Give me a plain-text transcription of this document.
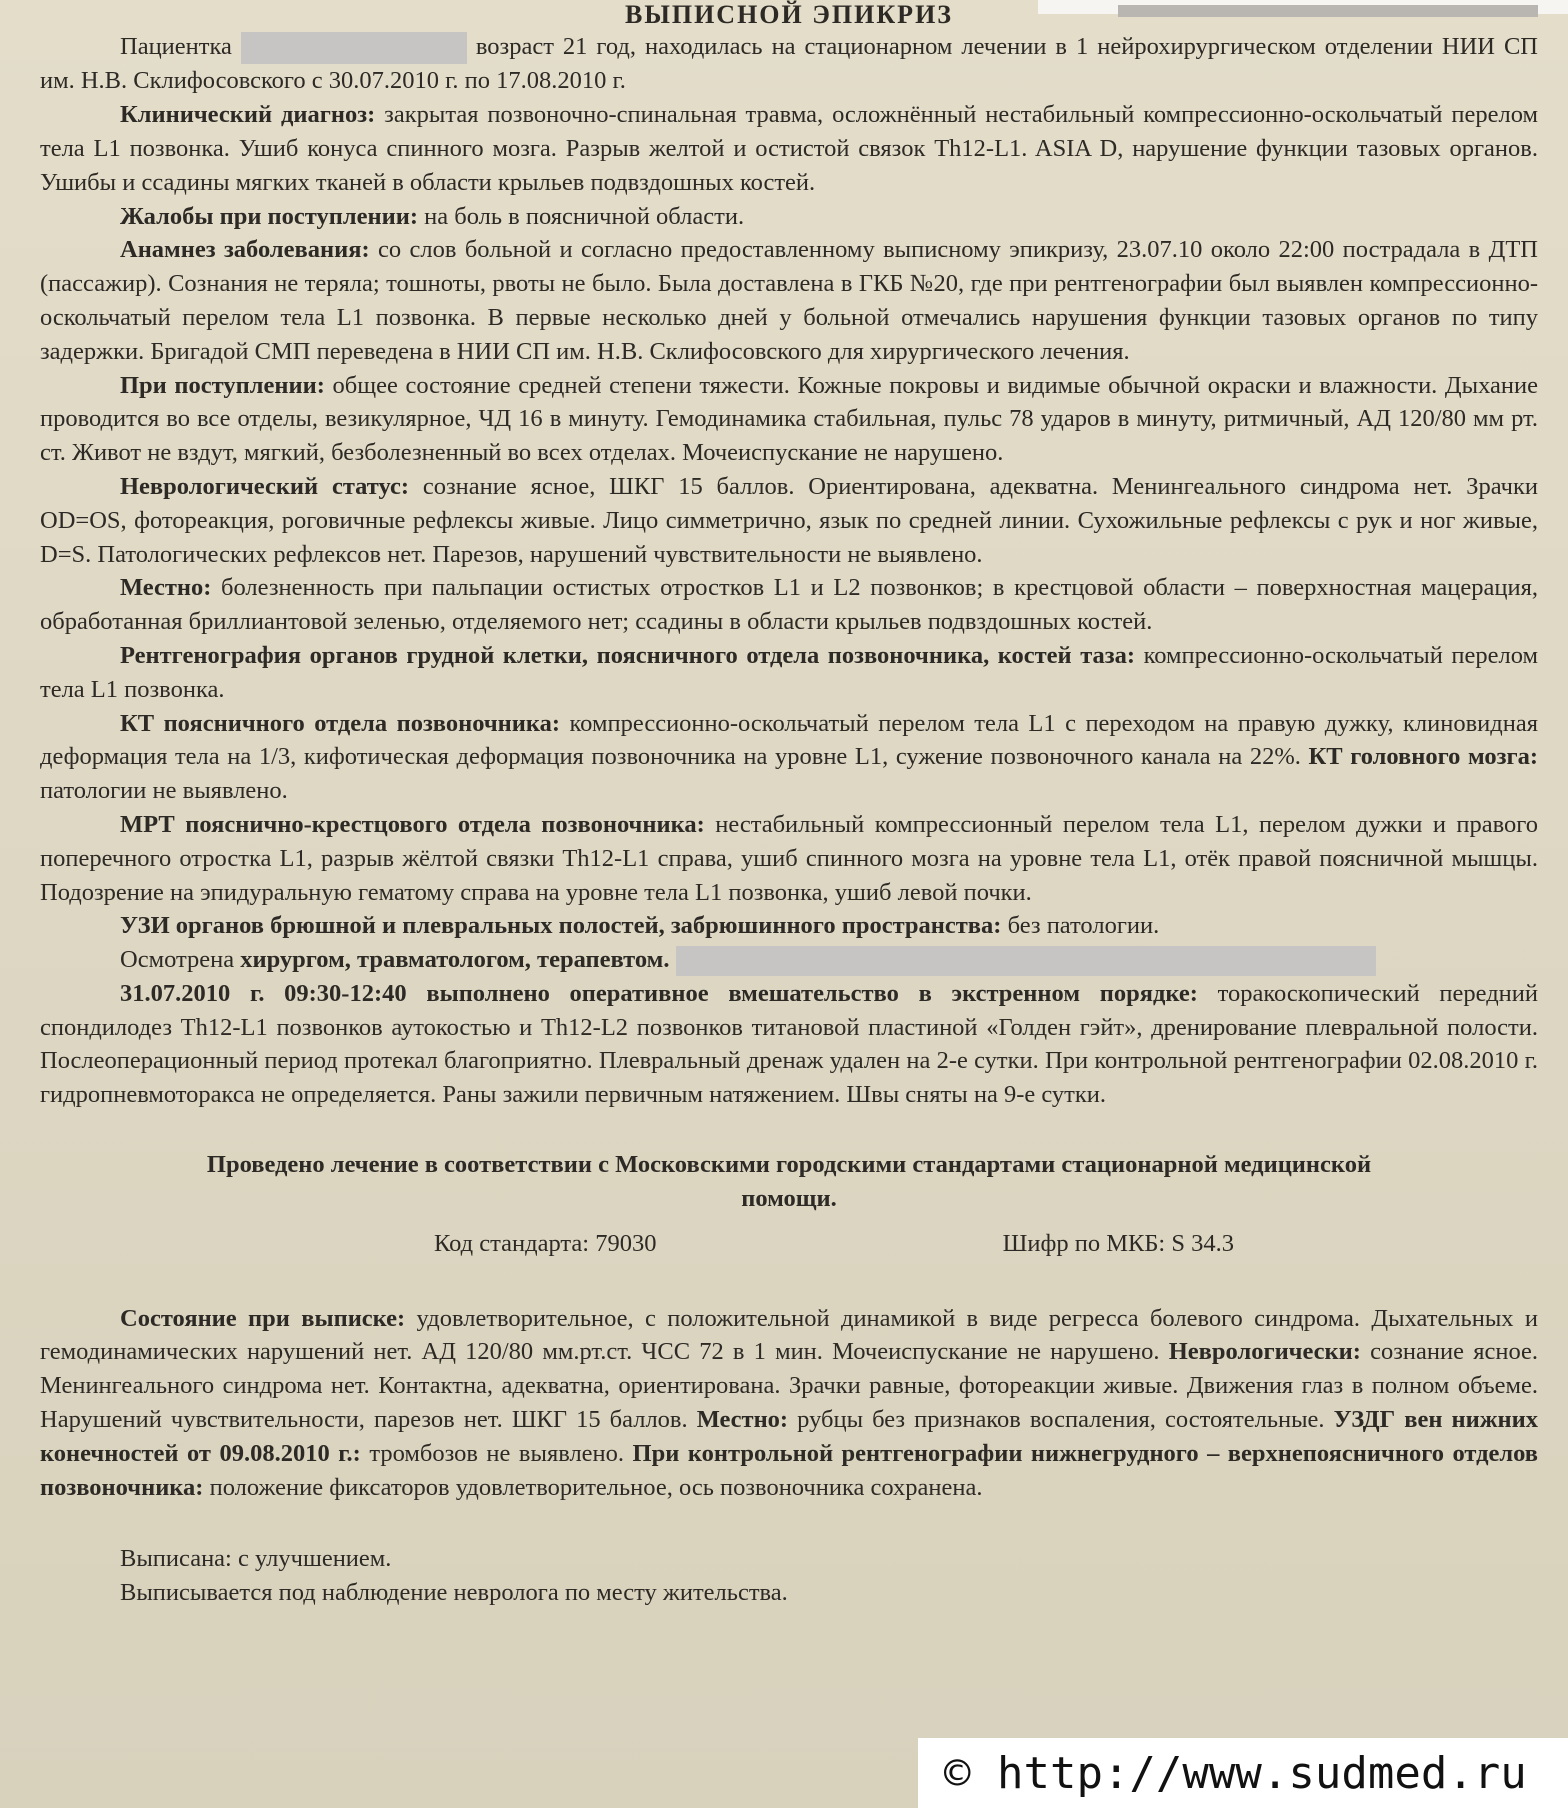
ВЫПИСНОЙ ЭПИКРИЗ

Пациентка	возраст 21 год, находилась на стационарном лечении в 1 нейрохирургическом отделении НИИ СП им. Н.В. Склифосовского с 30.07.2010 г. по 17.08.2010 г.

Клинический диагноз: закрытая позвоночно-спинальная травма, осложнённый нестабильный компрессионно-оскольчатый перелом тела L1 позвонка. Ушиб конуса спинного мозга. Разрыв желтой и остистой связок Th12-L1. ASIA D, нарушение функции тазовых органов. Ушибы и ссадины мягких тканей в области крыльев подвздошных костей.

Жалобы при поступлении: на боль в поясничной области.

Анамнез заболевания: со слов больной и согласно предоставленному выписному эпикризу, 23.07.10 около 22:00 пострадала в ДТП (пассажир). Сознания не теряла; тошноты, рвоты не было. Была доставлена в ГКБ №20, где при рентгенографии был выявлен компрессионно-оскольчатый перелом тела L1 позвонка. В первые несколько дней у больной отмечались нарушения функции тазовых органов по типу задержки. Бригадой СМП переведена в НИИ СП им. Н.В. Склифосовского для хирургического лечения.

При поступлении: общее состояние средней степени тяжести. Кожные покровы и видимые обычной окраски и влажности. Дыхание проводится во все отделы, везикулярное, ЧД 16 в минуту. Гемодинамика стабильная, пульс 78 ударов в минуту, ритмичный, АД 120/80 мм рт. ст. Живот не вздут, мягкий, безболезненный во всех отделах. Мочеиспускание не нарушено.

Неврологический статус: сознание ясное, ШКГ 15 баллов. Ориентирована, адекватна. Менингеального синдрома нет. Зрачки OD=OS, фотореакция, роговичные рефлексы живые. Лицо симметрично, язык по средней линии. Сухожильные рефлексы с рук и ног живые, D=S. Патологических рефлексов нет. Парезов, нарушений чувствительности не выявлено.

Местно: болезненность при пальпации остистых отростков L1 и L2 позвонков; в крестцовой области – поверхностная мацерация, обработанная бриллиантовой зеленью, отделяемого нет; ссадины в области крыльев подвздошных костей.

Рентгенография органов грудной клетки, поясничного отдела позвоночника, костей таза: компрессионно-оскольчатый перелом тела L1 позвонка.

КТ поясничного отдела позвоночника: компрессионно-оскольчатый перелом тела L1 с переходом на правую дужку, клиновидная деформация тела на 1/3, кифотическая деформация позвоночника на уровне L1, сужение позвоночного канала на 22%. КТ головного мозга: патологии не выявлено.

МРТ пояснично-крестцового отдела позвоночника: нестабильный компрессионный перелом тела L1, перелом дужки и правого поперечного отростка L1, разрыв жёлтой связки Th12-L1 справа, ушиб спинного мозга на уровне тела L1, отёк правой поясничной мышцы. Подозрение на эпидуральную гематому справа на уровне тела L1 позвонка, ушиб левой почки.

УЗИ органов брюшной и плевральных полостей, забрюшинного пространства: без патологии.

Осмотрена хирургом, травматологом, терапевтом.

31.07.2010 г. 09:30-12:40 выполнено оперативное вмешательство в экстренном порядке: торакоскопический передний спондилодез Th12-L1 позвонков аутокостью и Th12-L2 позвонков титановой пластиной «Голден гэйт», дренирование плевральной полости. Послеоперационный период протекал благоприятно. Плевральный дренаж удален на 2-е сутки. При контрольной рентгенографии 02.08.2010 г. гидропневмоторакса не определяется. Раны зажили первичным натяжением. Швы сняты на 9-е сутки.

Проведено лечение в соответствии с Московскими городскими стандартами стационарной медицинской

помощи.

Код стандарта: 79030	Шифр по МКБ: S 34.3

Состояние при выписке: удовлетворительное, с положительной динамикой в виде регресса болевого синдрома. Дыхательных и гемодинамических нарушений нет. АД 120/80 мм.рт.ст. ЧСС 72 в 1 мин. Мочеиспускание не нарушено. Неврологически: сознание ясное. Менингеального синдрома нет. Контактна, адекватна, ориентирована. Зрачки равные, фотореакции живые. Движения глаз в полном объеме. Нарушений чувствительности, парезов нет. ШКГ 15 баллов. Местно: рубцы без признаков воспаления, состоятельные. УЗДГ вен нижних конечностей от 09.08.2010 г.: тромбозов не выявлено. При контрольной рентгенографии нижнегрудного – верхнепоясничного отделов позвоночника: положение фиксаторов удовлетворительное, ось позвоночника сохранена.

Выписана: с улучшением.

Выписывается под наблюдение невролога по месту жительства.

© http://www.sudmed.ru
